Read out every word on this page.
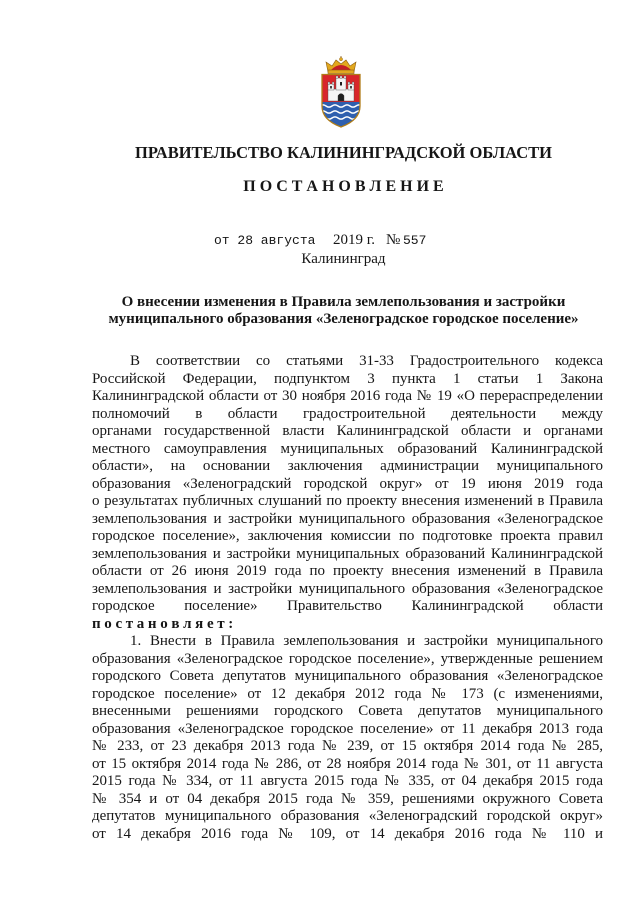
ПРАВИТЕЛЬСТВО КАЛИНИНГРАДСКОЙ ОБЛАСТИ
П О С Т А Н О В Л Е Н И Е
от 28 августа 2019 г. № 557
Калининград
О внесении изменения в Правила землепользования и застройки
муниципального образования «Зеленоградское городское поселение»
В соответствии со статьями 31-33 Градостроительного кодекса
Российской Федерации, подпунктом 3 пункта 1 статьи 1 Закона
Калининградской области от 30 ноября 2016 года № 19 «О перераспределении
полномочий в области градостроительной деятельности между
органами государственной власти Калининградской области и органами
местного самоуправления муниципальных образований Калининградской
области», на основании заключения администрации муниципального
образования «Зеленоградский городской округ» от 19 июня 2019 года
о результатах публичных слушаний по проекту внесения изменений в Правила
землепользования и застройки муниципального образования «Зеленоградское
городское поселение», заключения комиссии по подготовке проекта правил
землепользования и застройки муниципальных образований Калининградской
области от 26 июня 2019 года по проекту внесения изменений в Правила
землепользования и застройки муниципального образования «Зеленоградское
городское поселение» Правительство Калининградской области
п о с т а н о в л я е т :
1. Внести в Правила землепользования и застройки муниципального
образования «Зеленоградское городское поселение», утвержденные решением
городского Совета депутатов муниципального образования «Зеленоградское
городское поселение» от 12 декабря 2012 года № 173 (с изменениями,
внесенными решениями городского Совета депутатов муниципального
образования «Зеленоградское городское поселение» от 11 декабря 2013 года
№ 233, от 23 декабря 2013 года № 239, от 15 октября 2014 года № 285,
от 15 октября 2014 года № 286, от 28 ноября 2014 года № 301, от 11 августа
2015 года № 334, от 11 августа 2015 года № 335, от 04 декабря 2015 года
№ 354 и от 04 декабря 2015 года № 359, решениями окружного Совета
депутатов муниципального образования «Зеленоградский городской округ»
от 14 декабря 2016 года № 109, от 14 декабря 2016 года № 110 и
